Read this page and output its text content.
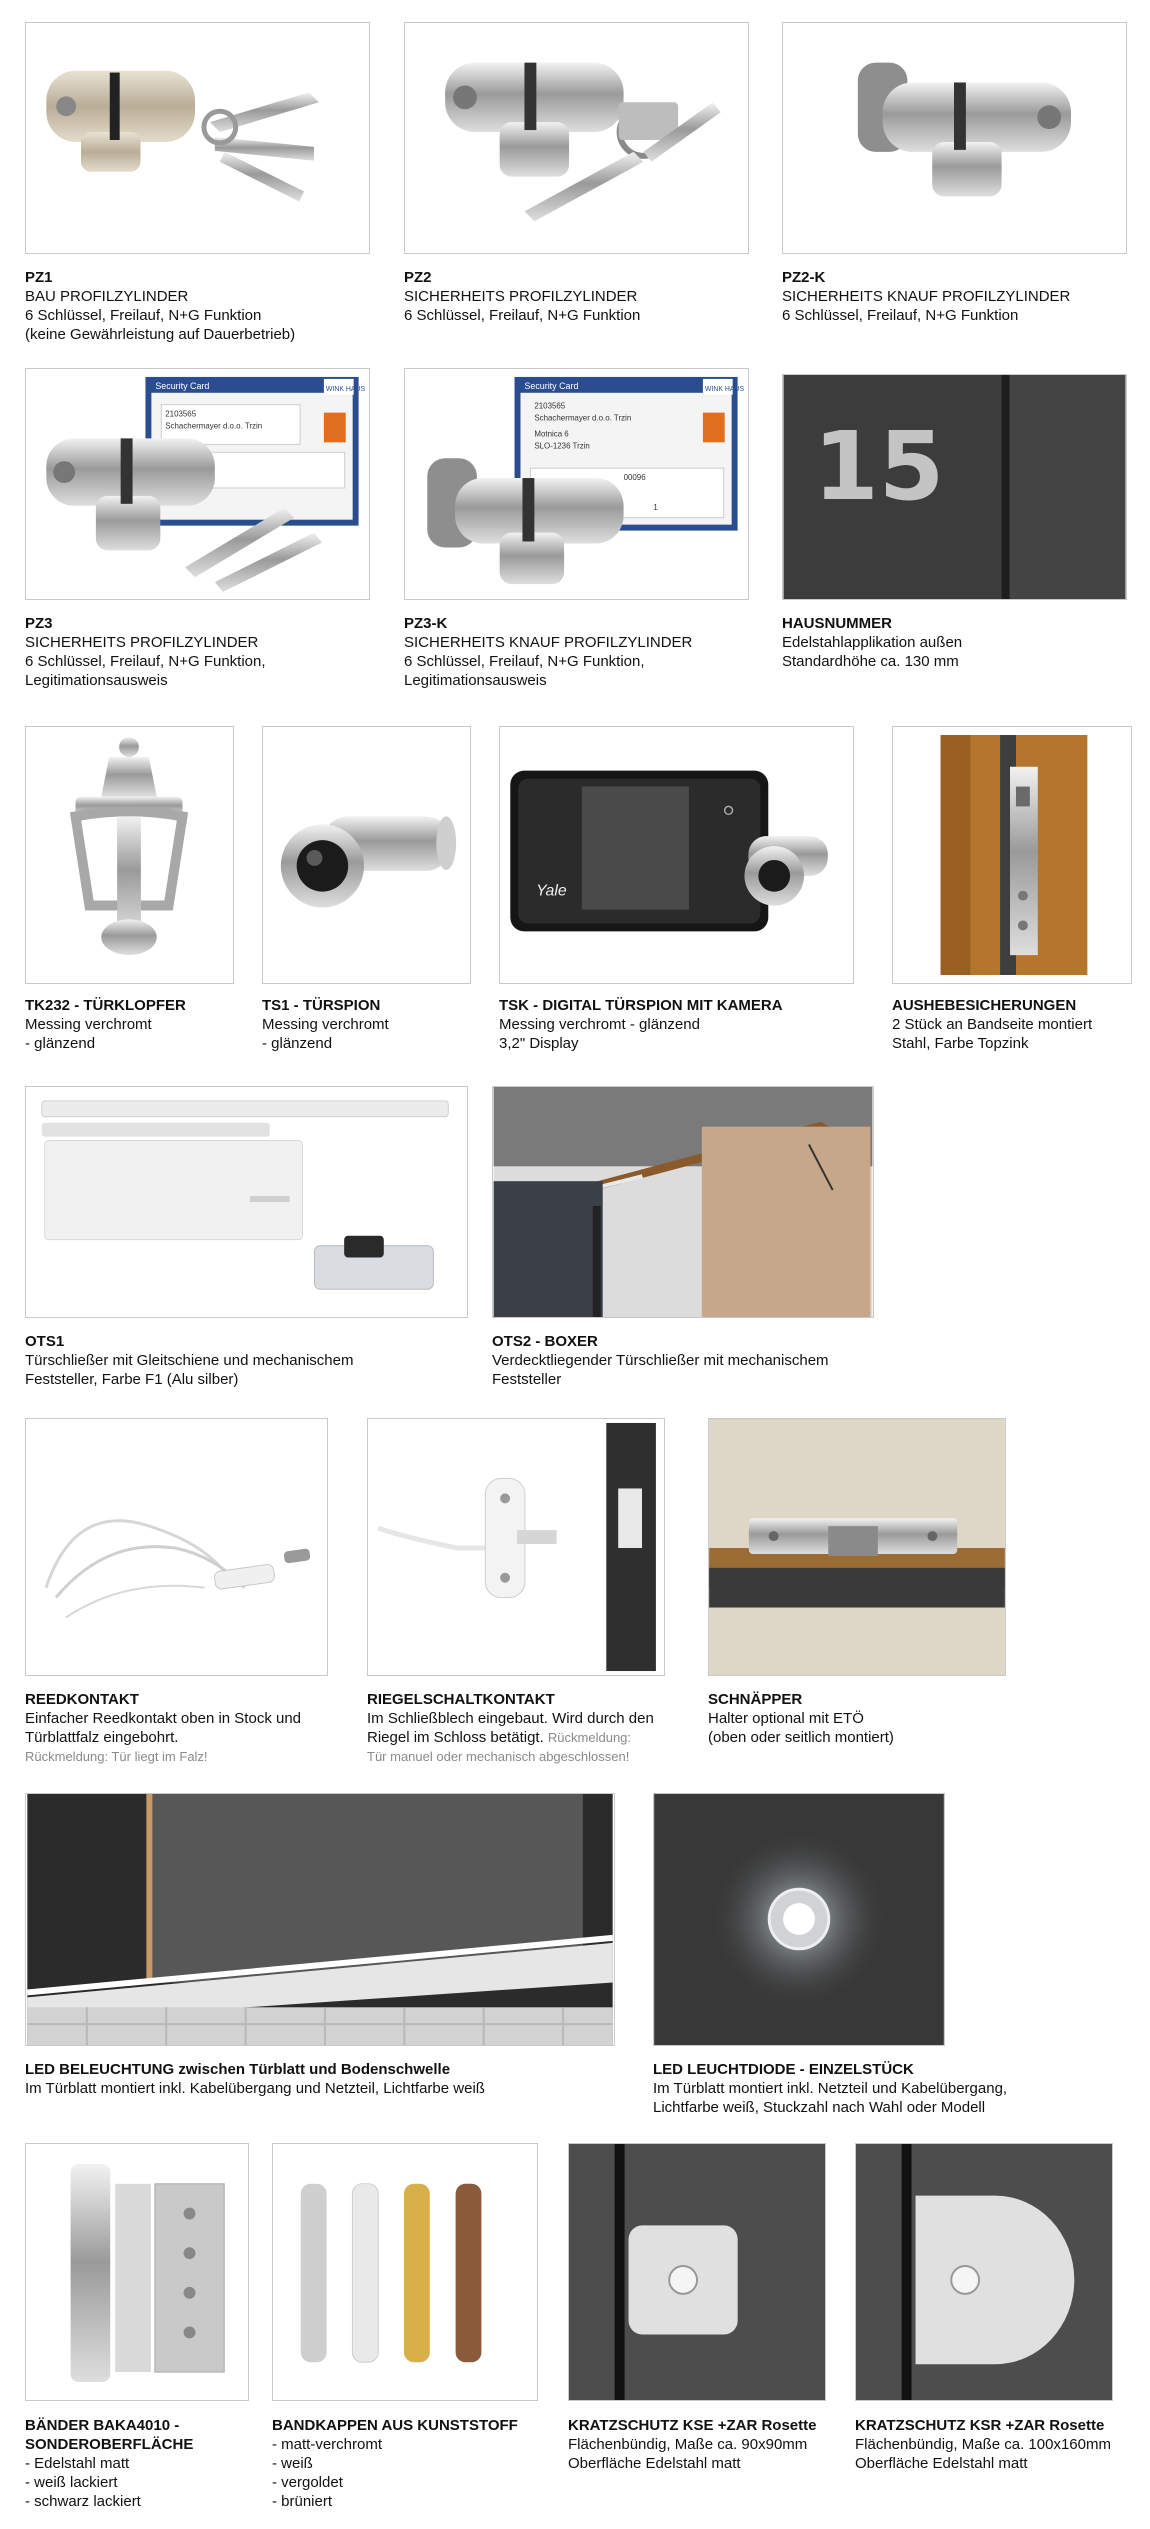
PZ1
BAU PROFILZYLINDER
6 Schlüssel, Freilauf, N+G Funktion
(keine Gewährleistung auf Dauerbetrieb)
PZ2
SICHERHEITS PROFILZYLINDER
6 Schlüssel, Freilauf, N+G Funktion
PZ2-K
SICHERHEITS KNAUF PROFILZYLINDER
6 Schlüssel, Freilauf, N+G Funktion
Security Card	WINK HAUS
2103565
Schachermayer d.o.o. Trzin
PZ3
SICHERHEITS PROFILZYLINDER
6 Schlüssel, Freilauf, N+G Funktion,
Legitimationsausweis
Security Card	WINK HAUS
2103565
Schachermayer d.o.o. Trzin
Motnica 6
SLO-1236 Trzin
00096
1
PZ3-K
SICHERHEITS KNAUF PROFILZYLINDER
6 Schlüssel, Freilauf, N+G Funktion,
Legitimationsausweis
15
HAUSNUMMER
Edelstahlapplikation außen
Standardhöhe ca. 130 mm
TK232 - TÜRKLOPFER
Messing verchromt
- glänzend
TS1 - TÜRSPION
Messing verchromt
- glänzend
Yale
TSK - DIGITAL TÜRSPION MIT KAMERA
Messing verchromt - glänzend
3,2" Display
AUSHEBESICHERUNGEN
2 Stück an Bandseite montiert
Stahl, Farbe Topzink
OTS1
Türschließer mit Gleitschiene und mechanischem
Feststeller, Farbe F1 (Alu silber)
OTS2 - BOXER
Verdecktliegender Türschließer mit mechanischem
Feststeller
REEDKONTAKT
Einfacher Reedkontakt oben in Stock und
Türblattfalz eingebohrt.
Rückmeldung: Tür liegt im Falz!
RIEGELSCHALTKONTAKT
Im Schließblech eingebaut. Wird durch den
Riegel im Schloss betätigt. Rückmeldung:
Tür manuel oder mechanisch abgeschlossen!
SCHNÄPPER
Halter optional mit ETÖ
(oben oder seitlich montiert)
LED BELEUCHTUNG zwischen Türblatt und Bodenschwelle
Im Türblatt montiert inkl. Kabelübergang und Netzteil, Lichtfarbe weiß
LED LEUCHTDIODE - EINZELSTÜCK
Im Türblatt montiert inkl. Netzteil und Kabelübergang,
Lichtfarbe weiß, Stuckzahl nach Wahl oder Modell
BÄNDER BAKA4010 -
SONDEROBERFLÄCHE
- Edelstahl matt
- weiß lackiert
- schwarz lackiert
BANDKAPPEN AUS KUNSTSTOFF
- matt-verchromt
- weiß
- vergoldet
- brüniert
KRATZSCHUTZ KSE +ZAR Rosette
Flächenbündig, Maße ca. 90x90mm
Oberfläche Edelstahl matt
KRATZSCHUTZ KSR +ZAR Rosette
Flächenbündig, Maße ca. 100x160mm
Oberfläche Edelstahl matt
